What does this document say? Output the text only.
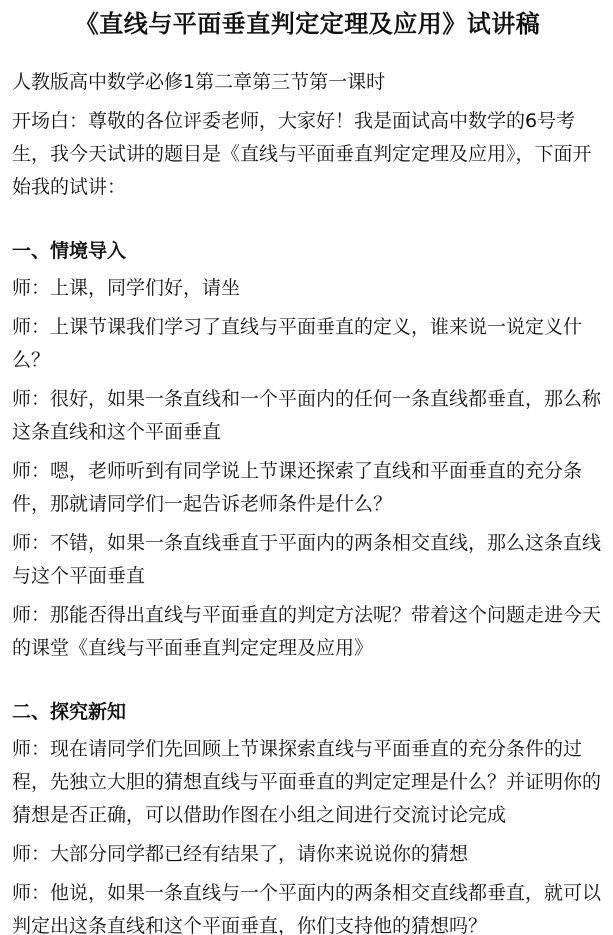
《直线与平面垂直判定定理及应用》试讲稿
人教版高中数学必修1第二章第三节第一课时
开场白：尊敬的各位评委老师，大家好！我是面试高中数学的6号考生，我今天试讲的题目是《直线与平面垂直判定定理及应用》，下面开始我的试讲：
一、情境导入
师：上课，同学们好，请坐
师：上课节课我们学习了直线与平面垂直的定义，谁来说一说定义什么？
师：很好，如果一条直线和一个平面内的任何一条直线都垂直，那么称这条直线和这个平面垂直
师：嗯，老师听到有同学说上节课还探索了直线和平面垂直的充分条件，那就请同学们一起告诉老师条件是什么？
师：不错，如果一条直线垂直于平面内的两条相交直线，那么这条直线与这个平面垂直
师：那能否得出直线与平面垂直的判定方法呢？带着这个问题走进今天的课堂《直线与平面垂直判定定理及应用》
二、探究新知
师：现在请同学们先回顾上节课探索直线与平面垂直的充分条件的过程，先独立大胆的猜想直线与平面垂直的判定定理是什么？并证明你的猜想是否正确，可以借助作图在小组之间进行交流讨论完成
师：大部分同学都已经有结果了，请你来说说你的猜想
师：他说，如果一条直线与一个平面内的两条相交直线都垂直，就可以判定出这条直线和这个平面垂直，你们支持他的猜想吗？
